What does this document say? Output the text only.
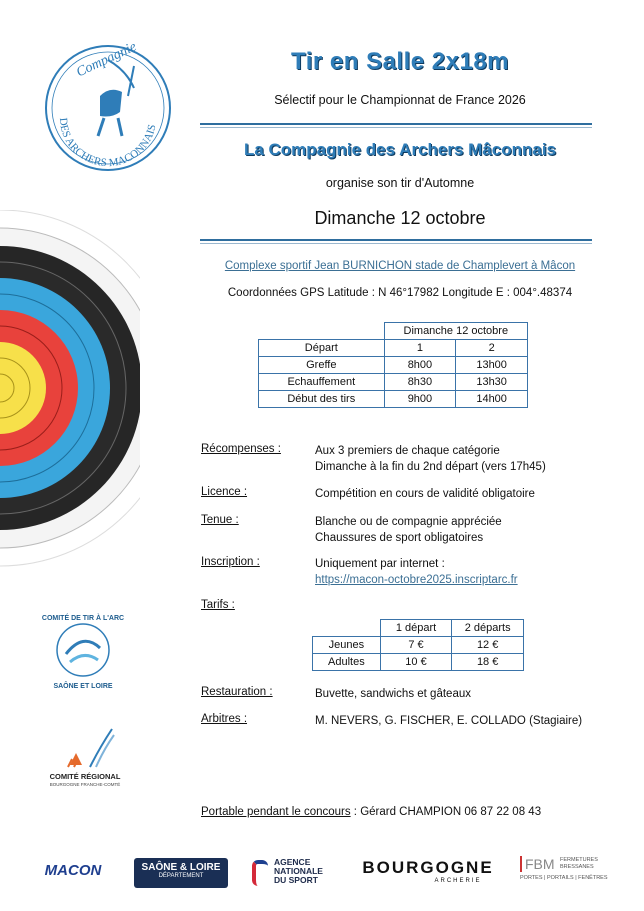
Compagnie
DES ARCHERS MACONNAIS
Tir en Salle 2x18m
Sélectif pour le Championnat de France 2026
La Compagnie des Archers Mâconnais
organise son tir d'Automne
Dimanche 12 octobre
Complexe sportif Jean BURNICHON stade de Champlevert à Mâcon
Coordonnées GPS Latitude : N 46°17982 Longitude E : 004°.48374
	Dimanche 12 octobre	
Départ	1	2
Greffe	8h00	13h00
Echauffement	8h30	13h30
Début des tirs	9h00	14h00
Récompenses :	Aux 3 premiers de chaque catégorie
Dimanche à la fin du 2nd départ (vers 17h45)
Licence :	Compétition en cours de validité obligatoire
Tenue :	Blanche ou de compagnie appréciée
Chaussures de sport obligatoires
Inscription :	Uniquement par internet :
https://macon-octobre2025.inscriptarc.fr
Tarifs :
	1 départ	2 départs
Jeunes	7 €	12 €
Adultes	10 €	18 €
Restauration :	Buvette, sandwichs et gâteaux
Arbitres :	M. NEVERS, G. FISCHER, E. COLLADO (Stagiaire)
Portable pendant le concours : Gérard CHAMPION 06 87 22 08 43
COMITÉ DE TIR À L'ARC
SAÔNE ET LOIRE
COMITÉ RÉGIONAL
BOURGOGNE FRANCHE-COMTÉ
MACON	SAÔNE & LOIRE
DÉPARTEMENT
AGENCE
NATIONALE
DU SPORT
BOURGOGNE
ARCHERIE
FBM FERMETURES
BRESSANES
PORTES | PORTAILS | FENÊTRES
